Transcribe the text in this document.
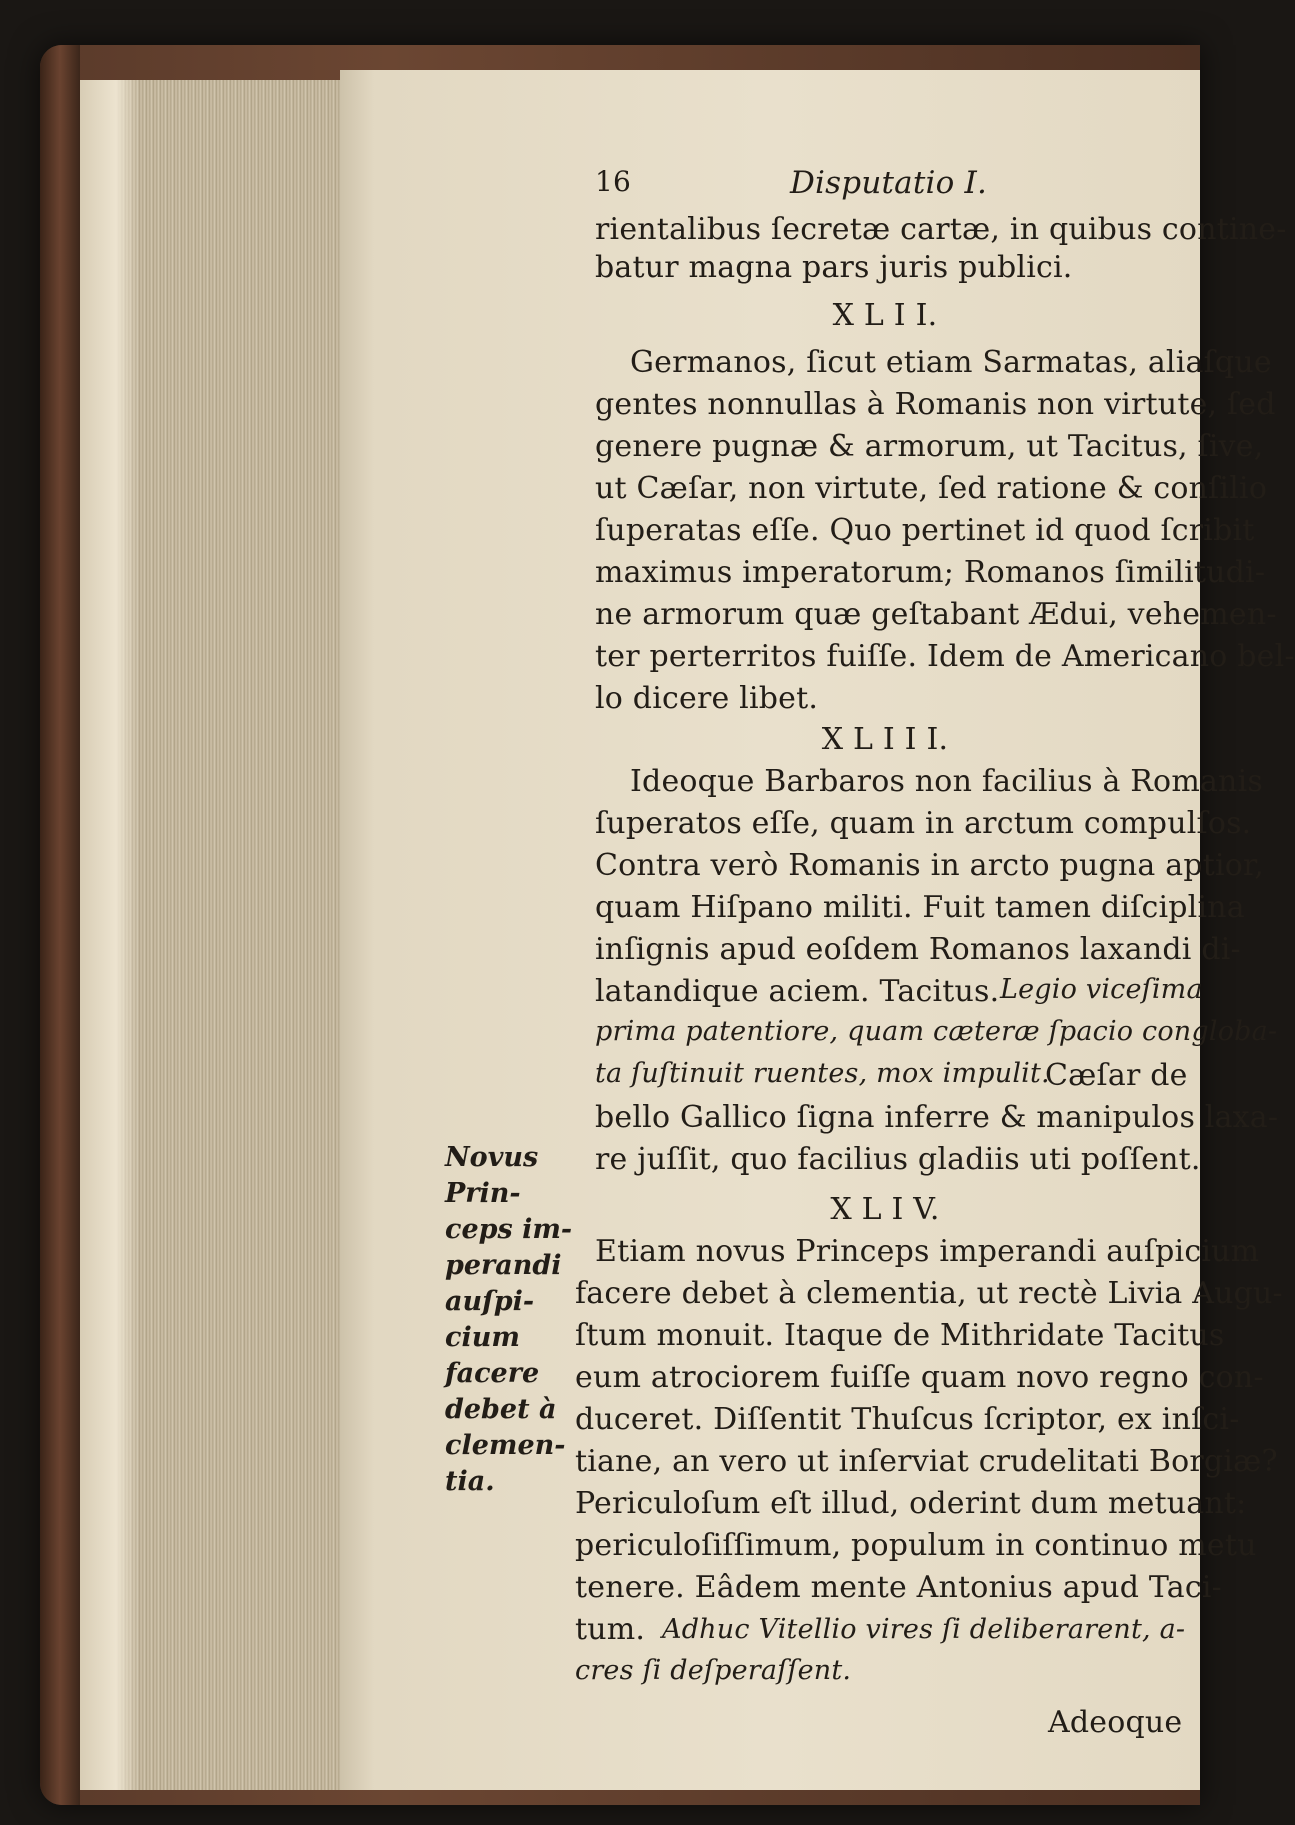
16	Disputatio I.
rientalibus ſecretæ cartæ, in quibus contine-
batur magna pars juris publici.
X L I I.
Germanos, ſicut etiam Sarmatas, aliaſque
gentes nonnullas à Romanis non virtute, ſed
genere pugnæ & armorum, ut Tacitus, ſive,
ut Cæſar, non virtute, ſed ratione & conſilio
ſuperatas eſſe. Quo pertinet id quod ſcribit
maximus imperatorum; Romanos ſimilitudi-
ne armorum quæ geſtabant Ædui, vehemen-
ter perterritos fuiſſe. Idem de Americano bel-
lo dicere libet.
X L I I I.
Ideoque Barbaros non facilius à Romanis
ſuperatos eſſe, quam in arctum compulſos.
Contra verò Romanis in arcto pugna aptior,
quam Hiſpano militi. Fuit tamen diſciplina
inſignis apud eoſdem Romanos laxandi di-
latandique aciem. Tacitus. Legio viceſima
prima patentiore, quam cæteræ ſpacio congloba-
ta ſuſtinuit ruentes, mox impulit.
Cæſar de
bello Gallico ſigna inferre & manipulos laxa-
re juſſit, quo facilius gladiis uti poſſent.
X L I V.
Etiam novus Princeps imperandi auſpicium
facere debet à clementia, ut rectè Livia Augu-
ſtum monuit. Itaque de Mithridate Tacitus
eum atrociorem fuiſſe quam novo regno con-
duceret. Diſſentit Thuſcus ſcriptor, ex inſci-
tiane, an vero ut inſerviat crudelitati Borgiæ?
Periculoſum eſt illud, oderint dum metuant:
periculoſiſſimum, populum in continuo metu
tenere. Eâdem mente Antonius apud Taci-
tum. Adhuc Vitellio vires ſi deliberarent, a-
cres ſi deſperaſſent.
Adeoque
Novus
Prin-
ceps im-
perandi
auſpi-
cium
facere
debet à
clemen-
tia.
